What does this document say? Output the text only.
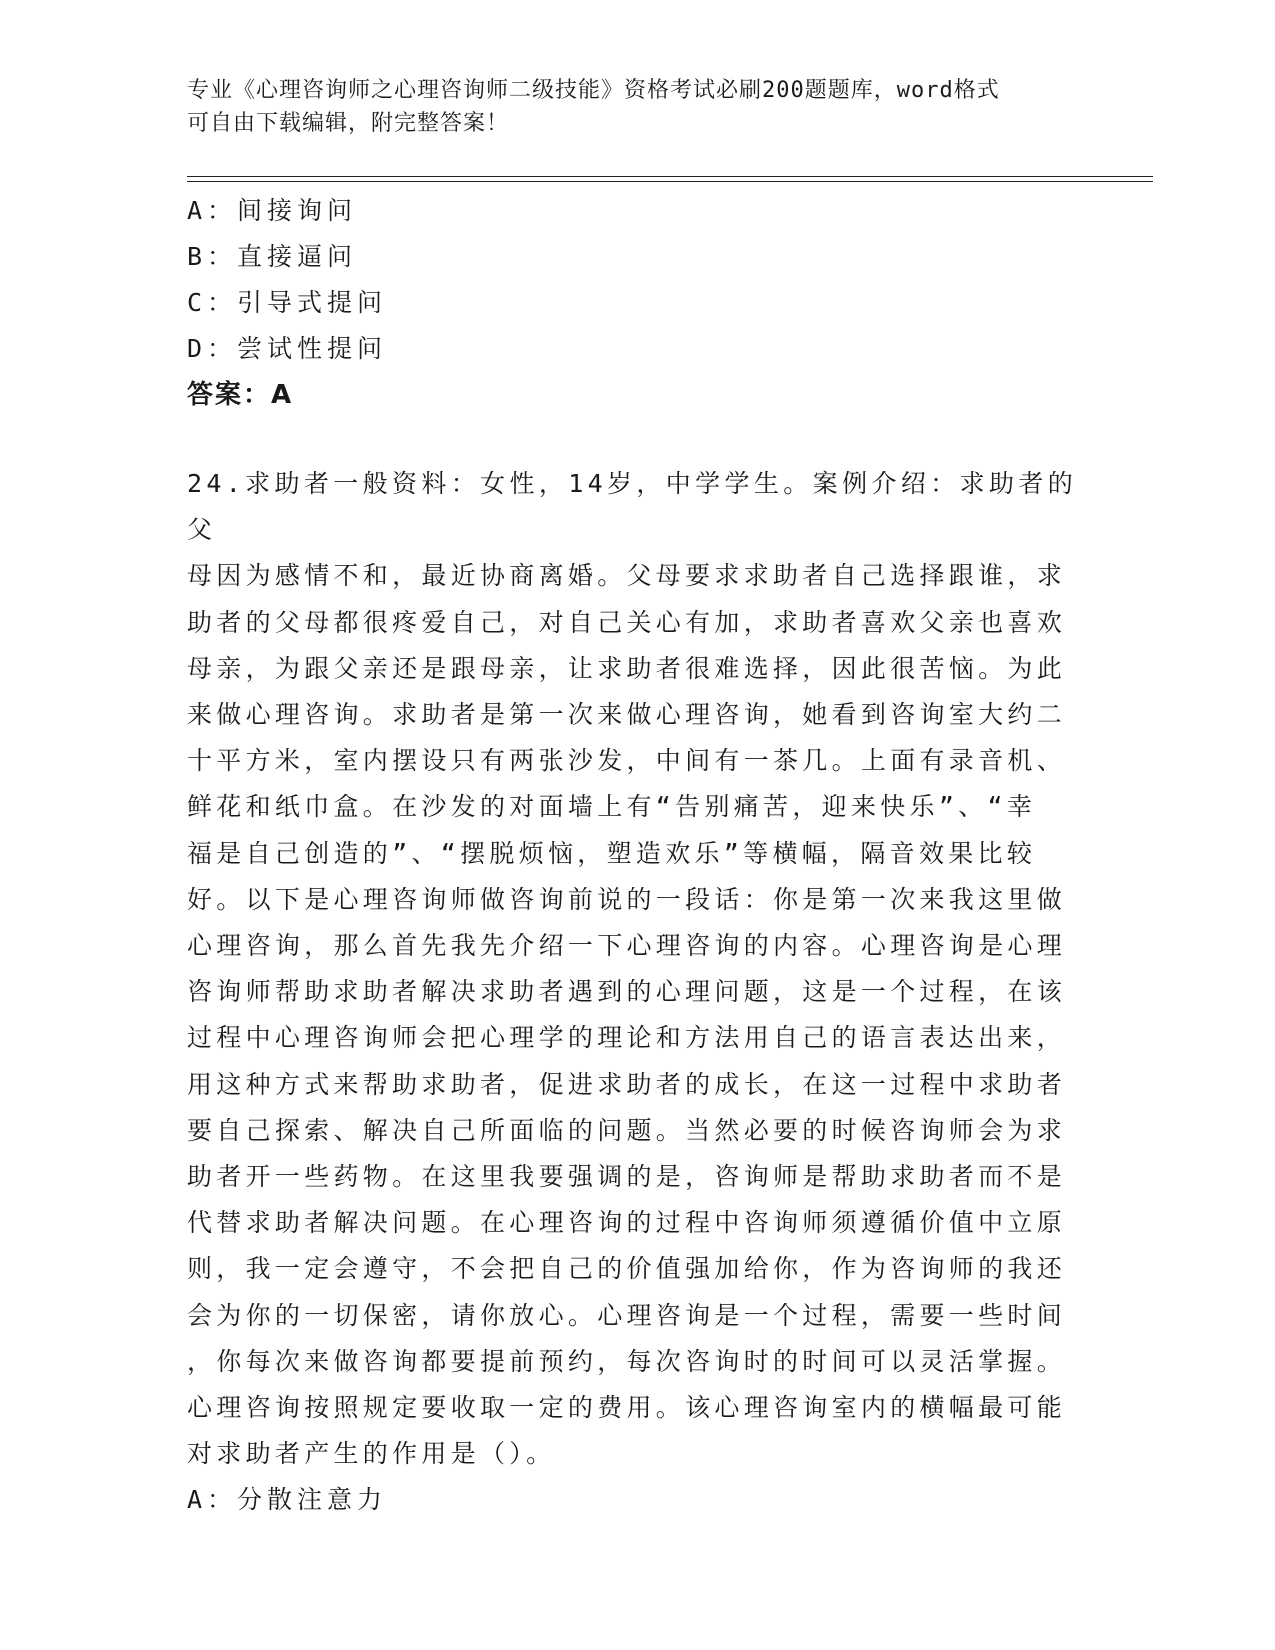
专业《心理咨询师之心理咨询师二级技能》资格考试必刷200题题库，word格式
可自由下载编辑，附完整答案！
A：间接询问
B：直接逼问
C：引导式提问
D：尝试性提问
答案：A
24.求助者一般资料：女性，14岁，中学学生。案例介绍：求助者的父
母因为感情不和，最近协商离婚。父母要求求助者自己选择跟谁，求
助者的父母都很疼爱自己，对自己关心有加，求助者喜欢父亲也喜欢
母亲，为跟父亲还是跟母亲，让求助者很难选择，因此很苦恼。为此
来做心理咨询。求助者是第一次来做心理咨询，她看到咨询室大约二
十平方米，室内摆设只有两张沙发，中间有一茶几。上面有录音机、
鲜花和纸巾盒。在沙发的对面墙上有“告别痛苦，迎来快乐”、“幸
福是自己创造的”、“摆脱烦恼，塑造欢乐”等横幅，隔音效果比较
好。以下是心理咨询师做咨询前说的一段话：你是第一次来我这里做
心理咨询，那么首先我先介绍一下心理咨询的内容。心理咨询是心理
咨询师帮助求助者解决求助者遇到的心理问题，这是一个过程，在该
过程中心理咨询师会把心理学的理论和方法用自己的语言表达出来，
用这种方式来帮助求助者，促进求助者的成长，在这一过程中求助者
要自己探索、解决自己所面临的问题。当然必要的时候咨询师会为求
助者开一些药物。在这里我要强调的是，咨询师是帮助求助者而不是
代替求助者解决问题。在心理咨询的过程中咨询师须遵循价值中立原
则，我一定会遵守，不会把自己的价值强加给你，作为咨询师的我还
会为你的一切保密，请你放心。心理咨询是一个过程，需要一些时间
，你每次来做咨询都要提前预约，每次咨询时的时间可以灵活掌握。
心理咨询按照规定要收取一定的费用。该心理咨询室内的横幅最可能
对求助者产生的作用是（）。
A：分散注意力
